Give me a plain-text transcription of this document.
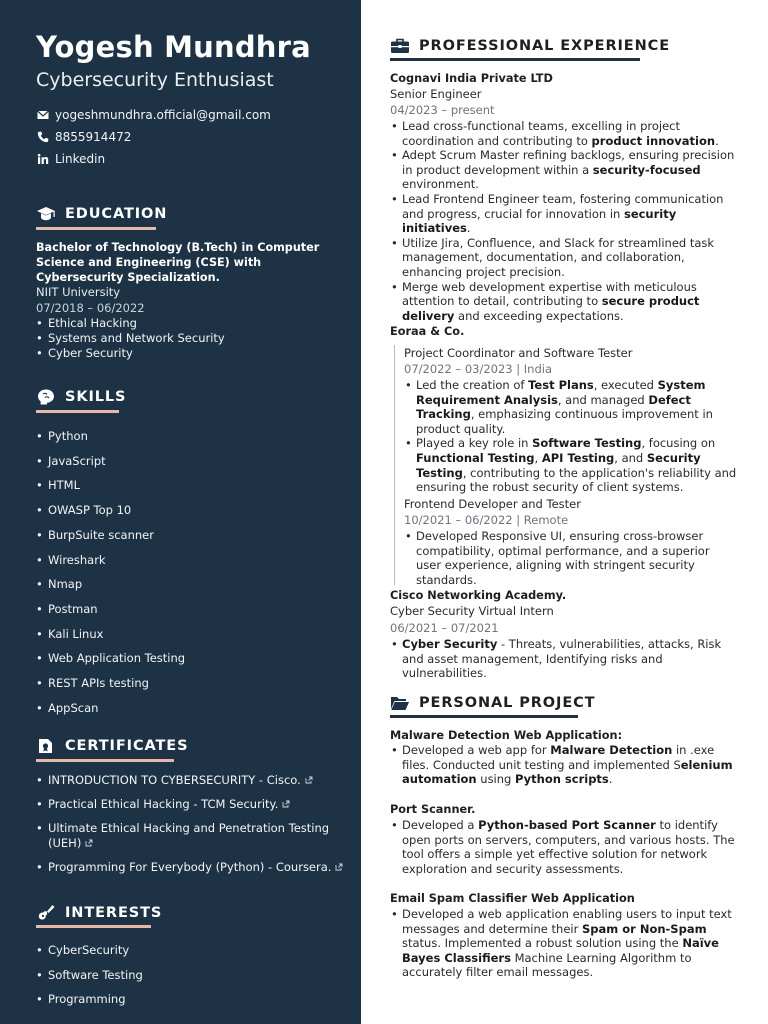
Yogesh Mundhra
Cybersecurity Enthusiast
yogeshmundhra.official@gmail.com
8855914472
Linkedin
EDUCATION
Bachelor of Technology (B.Tech) in Computer Science and Engineering (CSE) with Cybersecurity Specialization.
NIIT University
07/2018 – 06/2022
• Ethical Hacking
• Systems and Network Security
• Cyber Security
SKILLS
• Python
• JavaScript
• HTML
• OWASP Top 10
• BurpSuite scanner
• Wireshark
• Nmap
• Postman
• Kali Linux
• Web Application Testing
• REST APIs testing
• AppScan
CERTIFICATES
• INTRODUCTION TO CYBERSECURITY - Cisco.
• Practical Ethical Hacking - TCM Security.
• Ultimate Ethical Hacking and Penetration Testing
(UEH)
• Programming For Everybody (Python) - Coursera.
INTERESTS
• CyberSecurity
• Software Testing
• Programming
PROFESSIONAL EXPERIENCE
Cognavi India Private LTD
Senior Engineer
04/2023 – present
• Lead cross-functional teams, excelling in project coordination and contributing to product innovation.
• Adept Scrum Master refining backlogs, ensuring precision in product development within a security-focused environment.
• Lead Frontend Engineer team, fostering communication and progress, crucial for innovation in security initiatives.
• Utilize Jira, Confluence, and Slack for streamlined task management, documentation, and collaboration, enhancing project precision.
• Merge web development expertise with meticulous attention to detail, contributing to secure product delivery and exceeding expectations.
Eoraa & Co.
Project Coordinator and Software Tester
07/2022 – 03/2023 | India
• Led the creation of Test Plans, executed System Requirement Analysis, and managed Defect Tracking, emphasizing continuous improvement in product quality.
• Played a key role in Software Testing, focusing on Functional Testing, API Testing, and Security Testing, contributing to the application's reliability and ensuring the robust security of client systems.
Frontend Developer and Tester
10/2021 – 06/2022 | Remote
• Developed Responsive UI, ensuring cross-browser compatibility, optimal performance, and a superior user experience, aligning with stringent security standards.
Cisco Networking Academy.
Cyber Security Virtual Intern
06/2021 – 07/2021
• Cyber Security - Threats, vulnerabilities, attacks, Risk and asset management, Identifying risks and vulnerabilities.
PERSONAL PROJECT
Malware Detection Web Application:
• Developed a web app for Malware Detection in .exe files. Conducted unit testing and implemented Selenium automation using Python scripts.
Port Scanner.
• Developed a Python-based Port Scanner to identify open ports on servers, computers, and various hosts. The tool offers a simple yet effective solution for network exploration and security assessments.
Email Spam Classifier Web Application
• Developed a web application enabling users to input text messages and determine their Spam or Non-Spam status. Implemented a robust solution using the Naïve Bayes Classifiers Machine Learning Algorithm to accurately filter email messages.
